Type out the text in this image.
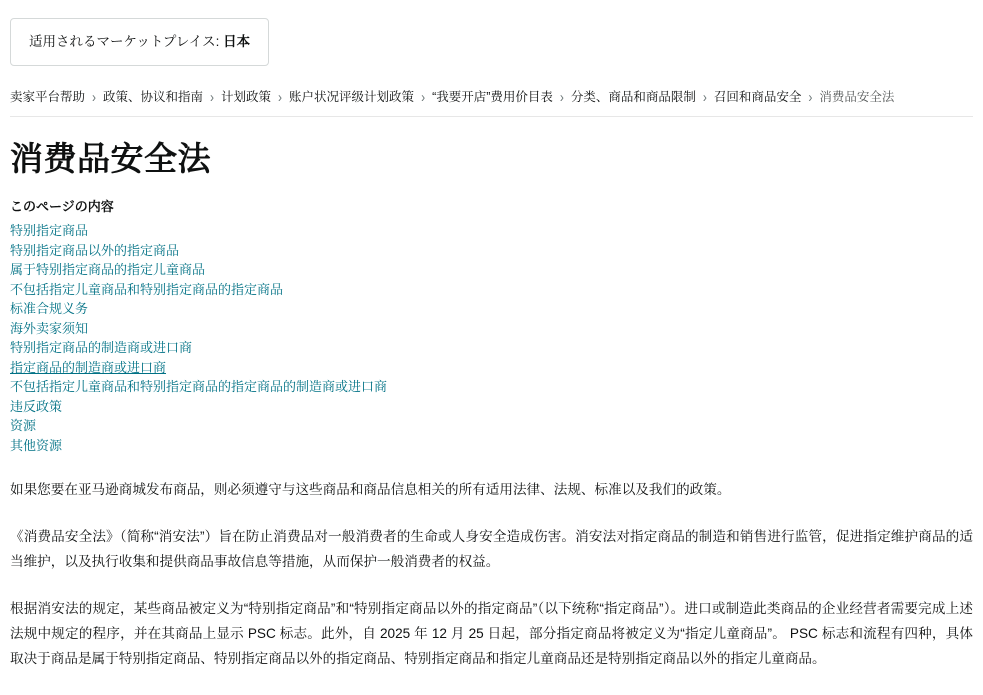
适用されるマーケットプレイス: 日本
卖家平台帮助 › 政策、协议和指南 › 计划政策 › 账户状况评级计划政策 › “我要开店”费用价目表 › 分类、商品和商品限制 › 召回和商品安全 › 消费品安全法
消费品安全法
このページの内容
特别指定商品
特别指定商品以外的指定商品
属于特别指定商品的指定儿童商品
不包括指定儿童商品和特别指定商品的指定商品
标准合规义务
海外卖家须知
特别指定商品的制造商或进口商
指定商品的制造商或进口商
不包括指定儿童商品和特别指定商品的指定商品的制造商或进口商
违反政策
资源
其他资源

如果您要在亚马逊商城发布商品，则必须遵守与这些商品和商品信息相关的所有适用法律、法规、标准以及我们的政策。

《消费品安全法》（简称“消安法”）旨在防止消费品对一般消费者的生命或人身安全造成伤害。消安法对指定商品的制造和销售进行监管，促进指定维护商品的适当维护，以及执行收集和提供商品事故信息等措施，从而保护一般消费者的权益。

根据消安法的规定，某些商品被定义为“特别指定商品”和“特别指定商品以外的指定商品”（以下统称“指定商品”）。进口或制造此类商品的企业经营者需要完成上述法规中规定的程序，并在其商品上显示 PSC 标志。此外，自 2025 年 12 月 25 日起，部分指定商品将被定义为“指定儿童商品”。 PSC 标志和流程有四种，具体取决于商品是属于特别指定商品、特别指定商品以外的指定商品、特别指定商品和指定儿童商品还是特别指定商品以外的指定儿童商品。
